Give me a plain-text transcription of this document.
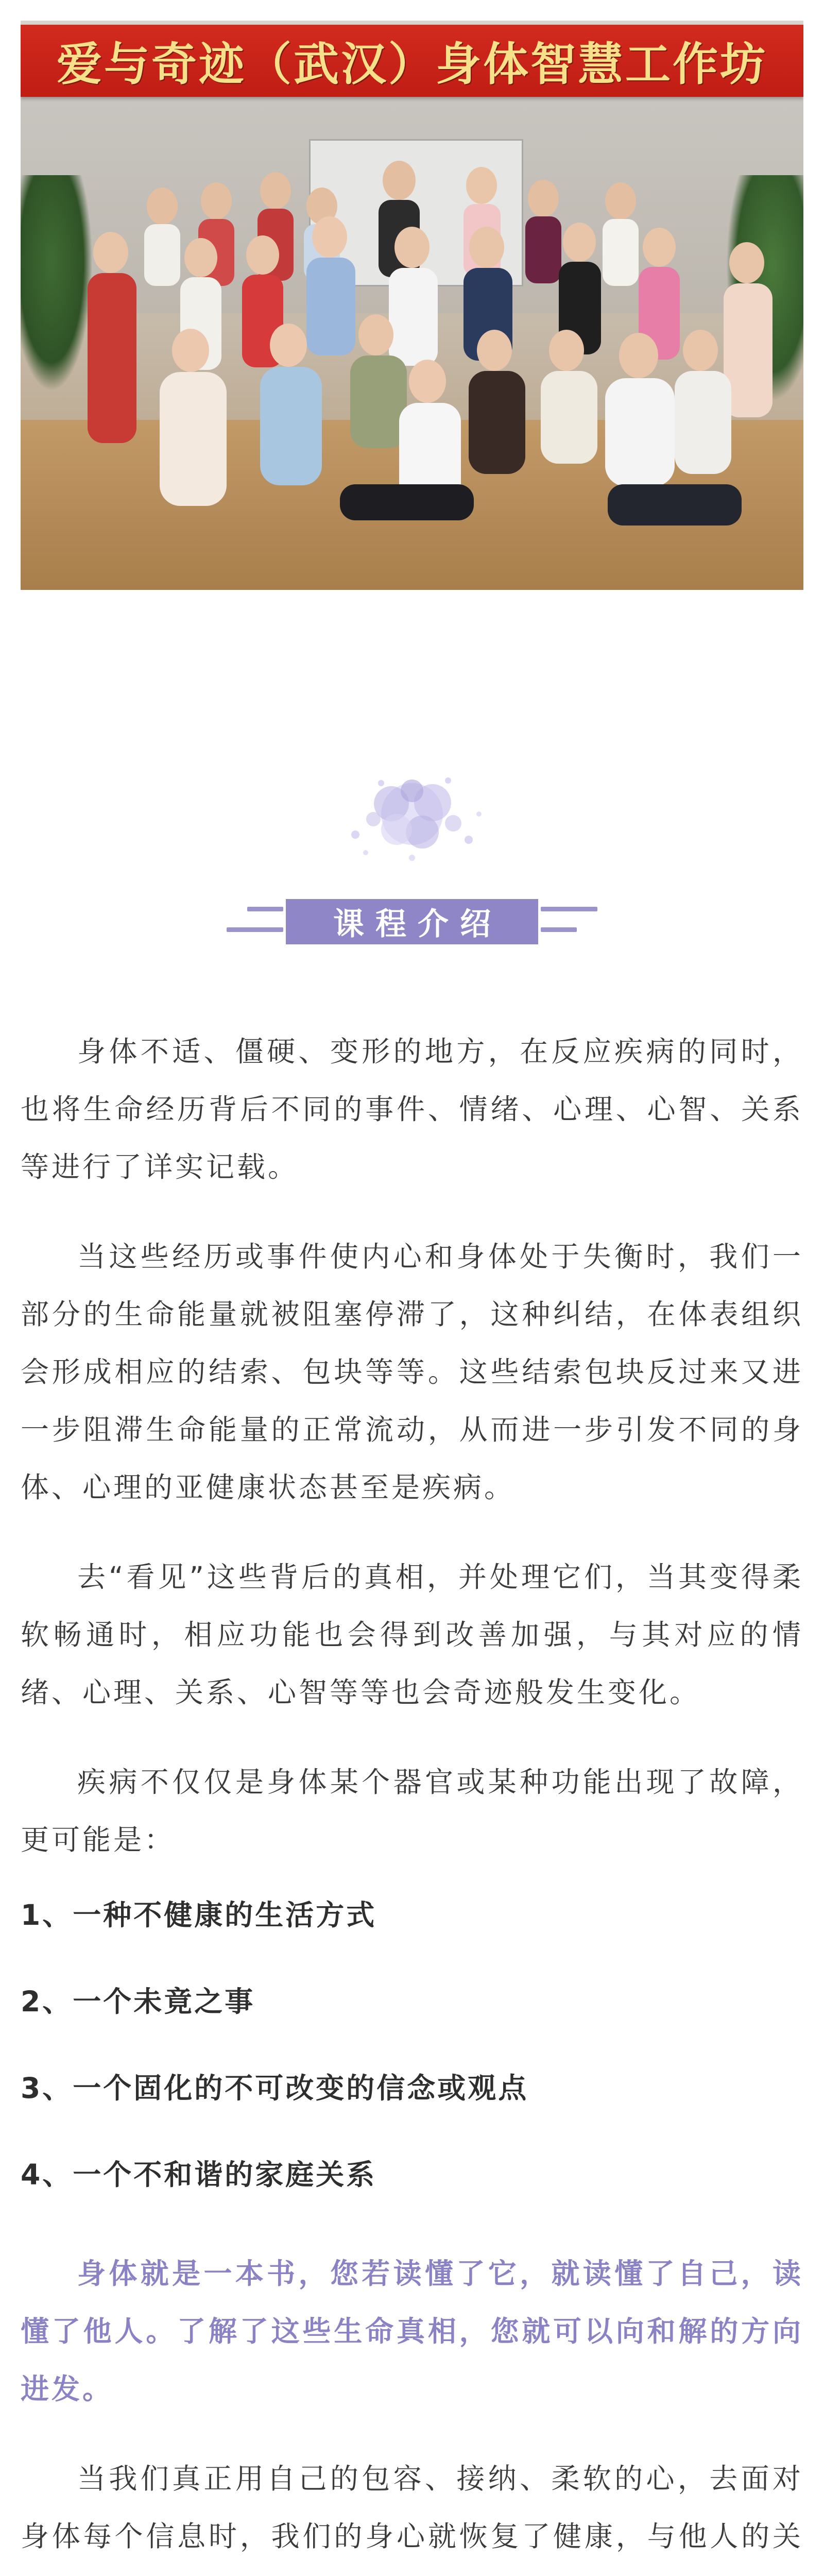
爱与奇迹（武汉）身体智慧工作坊
课程介绍

身体不适、僵硬、变形的地方，在反应疾病的同时，也将生命经历背后不同的事件、情绪、心理、心智、关系等进行了详实记载。

当这些经历或事件使内心和身体处于失衡时，我们一部分的生命能量就被阻塞停滞了，这种纠结，在体表组织会形成相应的结索、包块等等。这些结索包块反过来又进一步阻滞生命能量的正常流动，从而进一步引发不同的身体、心理的亚健康状态甚至是疾病。

去“看见”这些背后的真相，并处理它们，当其变得柔软畅通时，相应功能也会得到改善加强，与其对应的情绪、心理、关系、心智等等也会奇迹般发生变化。

疾病不仅仅是身体某个器官或某种功能出现了故障，更可能是：

1、一种不健康的生活方式
2、一个未竟之事
3、一个固化的不可改变的信念或观点
4、一个不和谐的家庭关系

身体就是一本书，您若读懂了它，就读懂了自己，读懂了他人。了解了这些生命真相，您就可以向和解的方向进发。

当我们真正用自己的包容、接纳、柔软的心，去面对身体每个信息时，我们的身心就恢复了健康，与他人的关
